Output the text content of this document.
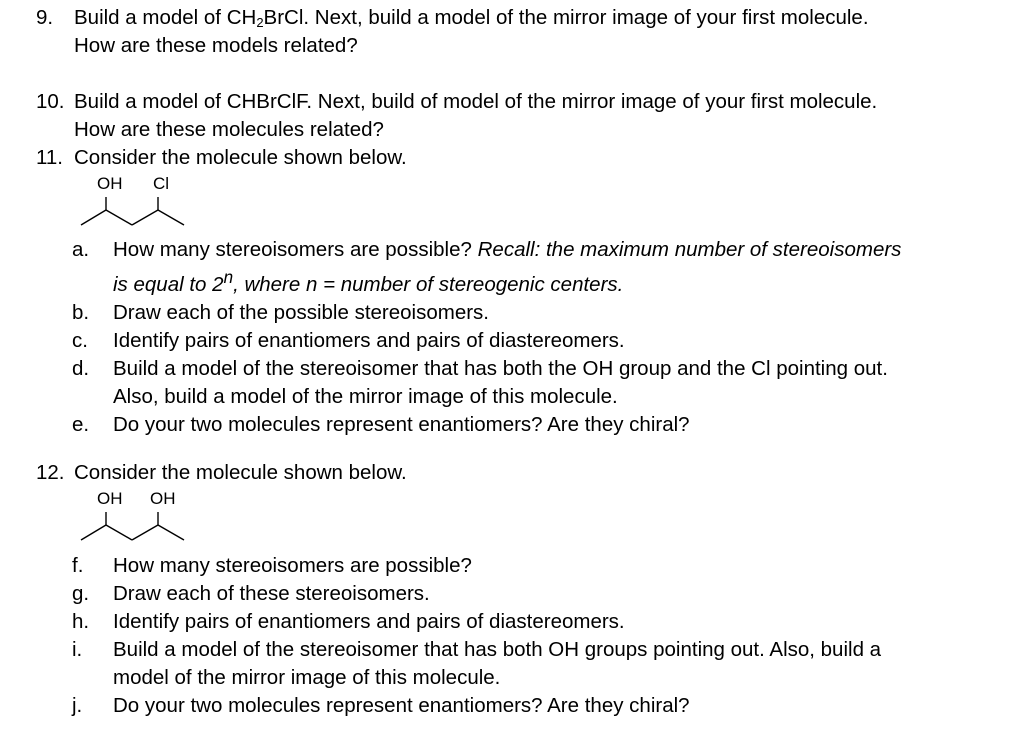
9. Build a model of $CH_2BrCl$. Next, build a model of the mirror image of your first molecule.
How are these models related?
10. Build a model of CHBrClF. Next, build of model of the mirror image of your first molecule.
How are these molecules related?
11. Consider the molecule shown below.
OH Cl
a.	How many stereoisomers are possible? Recall: the maximum number of stereoisomers
is equal to 2$^n$, where n = number of stereogenic centers.
b.	Draw each of the possible stereoisomers.
c.	Identify pairs of enantiomers and pairs of diastereomers.
d.	Build a model of the stereoisomer that has both the OH group and the Cl pointing out.
Also, build a model of the mirror image of this molecule.
e.	Do your two molecules represent enantiomers? Are they chiral?
12. Consider the molecule shown below.
OH OH
f.	How many stereoisomers are possible?
g.	Draw each of these stereoisomers.
h.	Identify pairs of enantiomers and pairs of diastereomers.
i.	Build a model of the stereoisomer that has both OH groups pointing out. Also, build a
model of the mirror image of this molecule.
j.	Do your two molecules represent enantiomers? Are they chiral?
